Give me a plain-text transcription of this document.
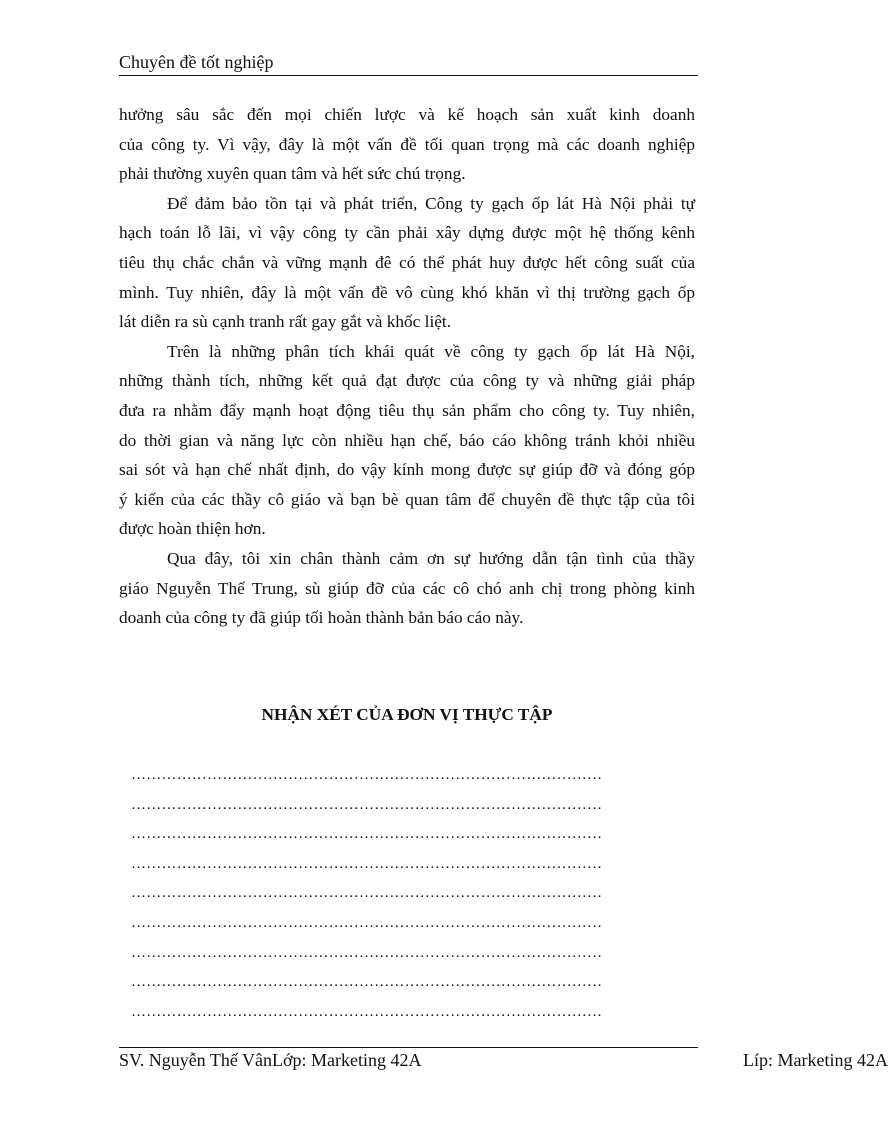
Chuyên đề tốt nghiệp
hưởng sâu sắc đến mọi chiến lược và kế hoạch sản xuất kinh doanh
của công ty. Vì vậy, đây là một vấn đề tối quan trọng mà các doanh nghiệp
phải thường xuyên quan tâm và hết sức chú trọng.
Để đảm bảo tồn tại và phát triển, Công ty gạch ốp lát Hà Nội phải tự
hạch toán lỗ lãi, vì vậy công ty cần phải xây dựng được một hệ thống kênh
tiêu thụ chắc chắn và vững mạnh đê có thể phát huy được hết công suất của
mình. Tuy nhiên, đây là một vấn đề vô cùng khó khăn vì thị trường gạch ốp
lát diễn ra sù cạnh tranh rất gay gắt và khốc liệt.
Trên là những phân tích khái quát về công ty gạch ốp lát Hà Nội,
những thành tích, những kết quả đạt được của công ty và những giải pháp
đưa ra nhằm đẩy mạnh hoạt động tiêu thụ sản phẩm cho công ty. Tuy nhiên,
do thời gian và năng lực còn nhiều hạn chế, báo cáo không tránh khỏi nhiều
sai sót và hạn chế nhất định, do vậy kính mong được sự giúp đỡ và đóng góp
ý kiến của các thầy cô giáo và bạn bè quan tâm để chuyên đề thực tập của tôi
được hoàn thiện hơn.
Qua đây, tôi xin chân thành cảm ơn sự hướng dẫn tận tình của thầy
giáo Nguyễn Thế Trung, sù giúp đỡ của các cô chó anh chị trong phòng kinh
doanh của công ty đã giúp tối hoàn thành bản báo cáo này.
NHẬN XÉT CỦA ĐƠN VỊ THỰC TẬP
…………………………………………………………………………………
…………………………………………………………………………………
…………………………………………………………………………………
…………………………………………………………………………………
…………………………………………………………………………………
…………………………………………………………………………………
…………………………………………………………………………………
…………………………………………………………………………………
…………………………………………………………………………………
SV. Nguyễn Thế VânLớp: Marketing 42A	Líp: Marketing 42A
